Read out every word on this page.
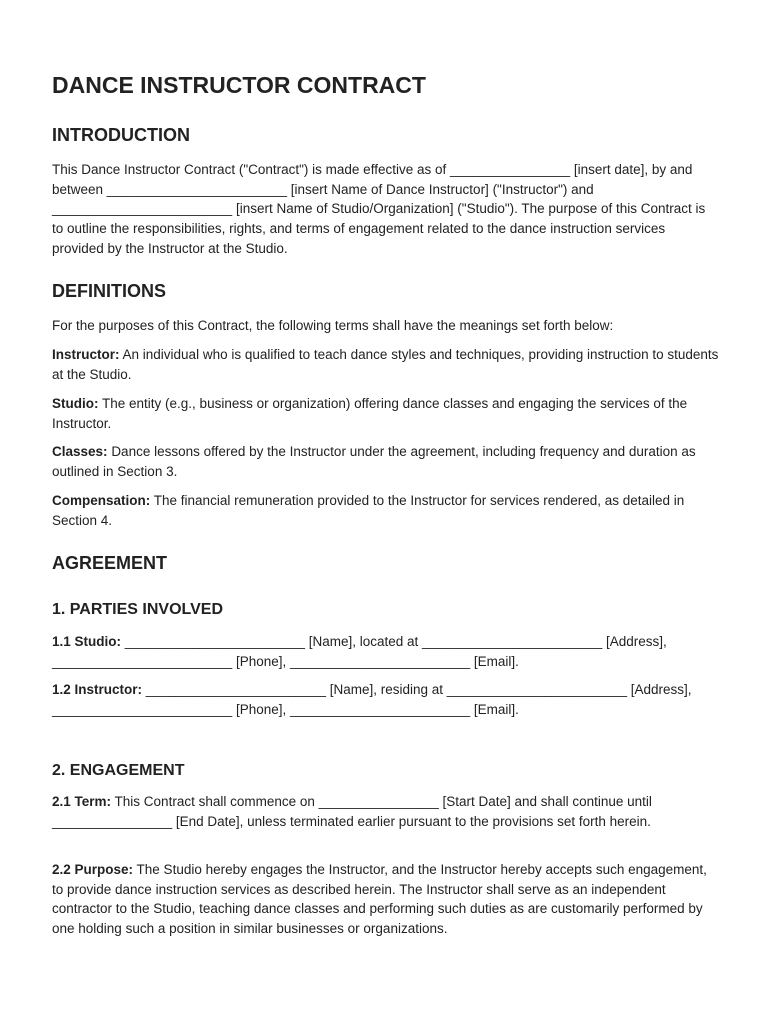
DANCE INSTRUCTOR CONTRACT
INTRODUCTION

This Dance Instructor Contract ("Contract") is made effective as of ________________ [insert date], by and between ________________________ [insert Name of Dance Instructor] ("Instructor") and ________________________ [insert Name of Studio/Organization] ("Studio"). The purpose of this Contract is to outline the responsibilities, rights, and terms of engagement related to the dance instruction services provided by the Instructor at the Studio.

DEFINITIONS

For the purposes of this Contract, the following terms shall have the meanings set forth below:

Instructor: An individual who is qualified to teach dance styles and techniques, providing instruction to students at the Studio.

Studio: The entity (e.g., business or organization) offering dance classes and engaging the services of the Instructor.

Classes: Dance lessons offered by the Instructor under the agreement, including frequency and duration as outlined in Section 3.

Compensation: The financial remuneration provided to the Instructor for services rendered, as detailed in Section 4.

AGREEMENT
1. PARTIES INVOLVED

1.1 Studio: ________________________ [Name], located at ________________________ [Address], ________________________ [Phone], ________________________ [Email].

1.2 Instructor: ________________________ [Name], residing at ________________________ [Address], ________________________ [Phone], ________________________ [Email].

2. ENGAGEMENT

2.1 Term: This Contract shall commence on ________________ [Start Date] and shall continue until ________________ [End Date], unless terminated earlier pursuant to the provisions set forth herein.

2.2 Purpose: The Studio hereby engages the Instructor, and the Instructor hereby accepts such engagement, to provide dance instruction services as described herein. The Instructor shall serve as an independent contractor to the Studio, teaching dance classes and performing such duties as are customarily performed by one holding such a position in similar businesses or organizations.
